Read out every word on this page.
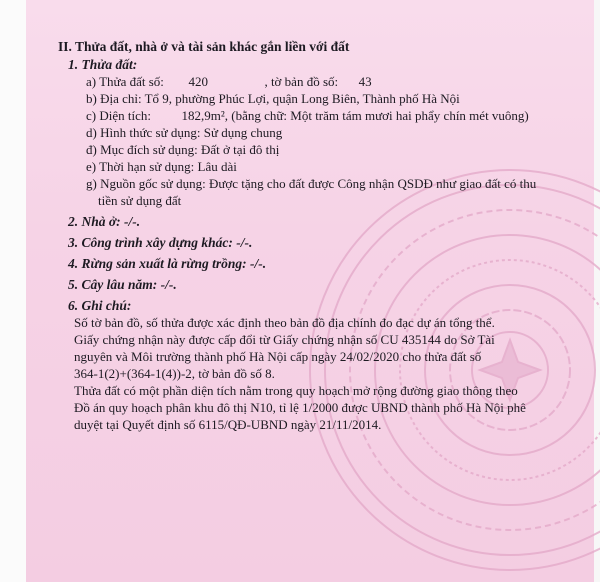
II. Thửa đất, nhà ở và tài sản khác gắn liền với đất
1. Thửa đất:
a) Thửa đất số: 420	, tờ bản đồ số: 43
b) Địa chỉ: Tổ 9, phường Phúc Lợi, quận Long Biên, Thành phố Hà Nội
c) Diện tích: 182,9m², (bằng chữ: Một trăm tám mươi hai phẩy chín mét vuông)
d) Hình thức sử dụng: Sử dụng chung
đ) Mục đích sử dụng: Đất ở tại đô thị
e) Thời hạn sử dụng: Lâu dài
g) Nguồn gốc sử dụng: Được tặng cho đất được Công nhận QSDĐ như giao đất có thu
tiền sử dụng đất
2. Nhà ở: -/-.
3. Công trình xây dựng khác: -/-.
4. Rừng sản xuất là rừng trồng: -/-.
5. Cây lâu năm: -/-.
6. Ghi chú:

Số tờ bản đồ, số thửa được xác định theo bản đồ địa chính đo đạc dự án tổng thể.

Giấy chứng nhận này được cấp đổi từ Giấy chứng nhận số CU 435144 do Sở Tài

nguyên và Môi trường thành phố Hà Nội cấp ngày 24/02/2020 cho thửa đất số

364-1(2)+(364-1(4))-2, tờ bản đồ số 8.

Thửa đất có một phần diện tích nằm trong quy hoạch mở rộng đường giao thông theo

Đồ án quy hoạch phân khu đô thị N10, tỉ lệ 1/2000 được UBND thành phố Hà Nội phê

duyệt tại Quyết định số 6115/QĐ-UBND ngày 21/11/2014.
